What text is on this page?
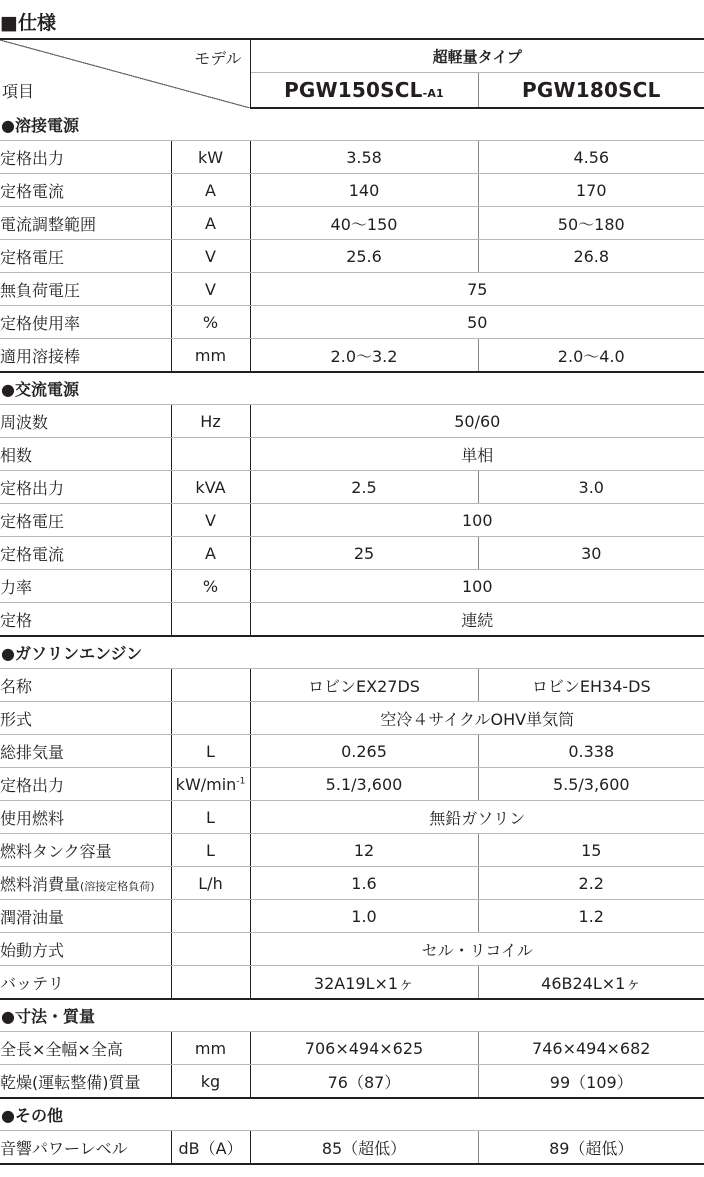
■仕様
モデル
項目		超軽量タイプ	
		PGW150SCL-A1	PGW180SCL
●溶接電源			
定格出力	kW	3.58	4.56
定格電流	A	140	170
電流調整範囲	A	40〜150	50〜180
定格電圧	V	25.6	26.8
無負荷電圧	V	75	
定格使用率	%	50	
適用溶接棒	mm	2.0〜3.2	2.0〜4.0
●交流電源			
周波数	Hz	50/60	
相数		単相	
定格出力	kVA	2.5	3.0
定格電圧	V	100	
定格電流	A	25	30
力率	%	100	
定格		連続	
●ガソリンエンジン			
名称		ロビンEX27DS	ロビンEH34-DS
形式		空冷４サイクルOHV単気筒	
総排気量	L	0.265	0.338
定格出力	$kW/\min^{-1}$	5.1/3,600	5.5/3,600
使用燃料	L	無鉛ガソリン	
燃料タンク容量	L	12	15
燃料消費量(溶接定格負荷)	L/h	1.6	2.2
潤滑油量		1.0	1.2
始動方式		セル・リコイル	
バッテリ		32A19L×1ヶ	46B24L×1ヶ
●寸法・質量			
全長×全幅×全高	mm	706×494×625	746×494×682
乾燥(運転整備)質量	kg	76（87）	99（109）
●その他			
音響パワーレベル	dB（A）	85（超低）	89（超低）
